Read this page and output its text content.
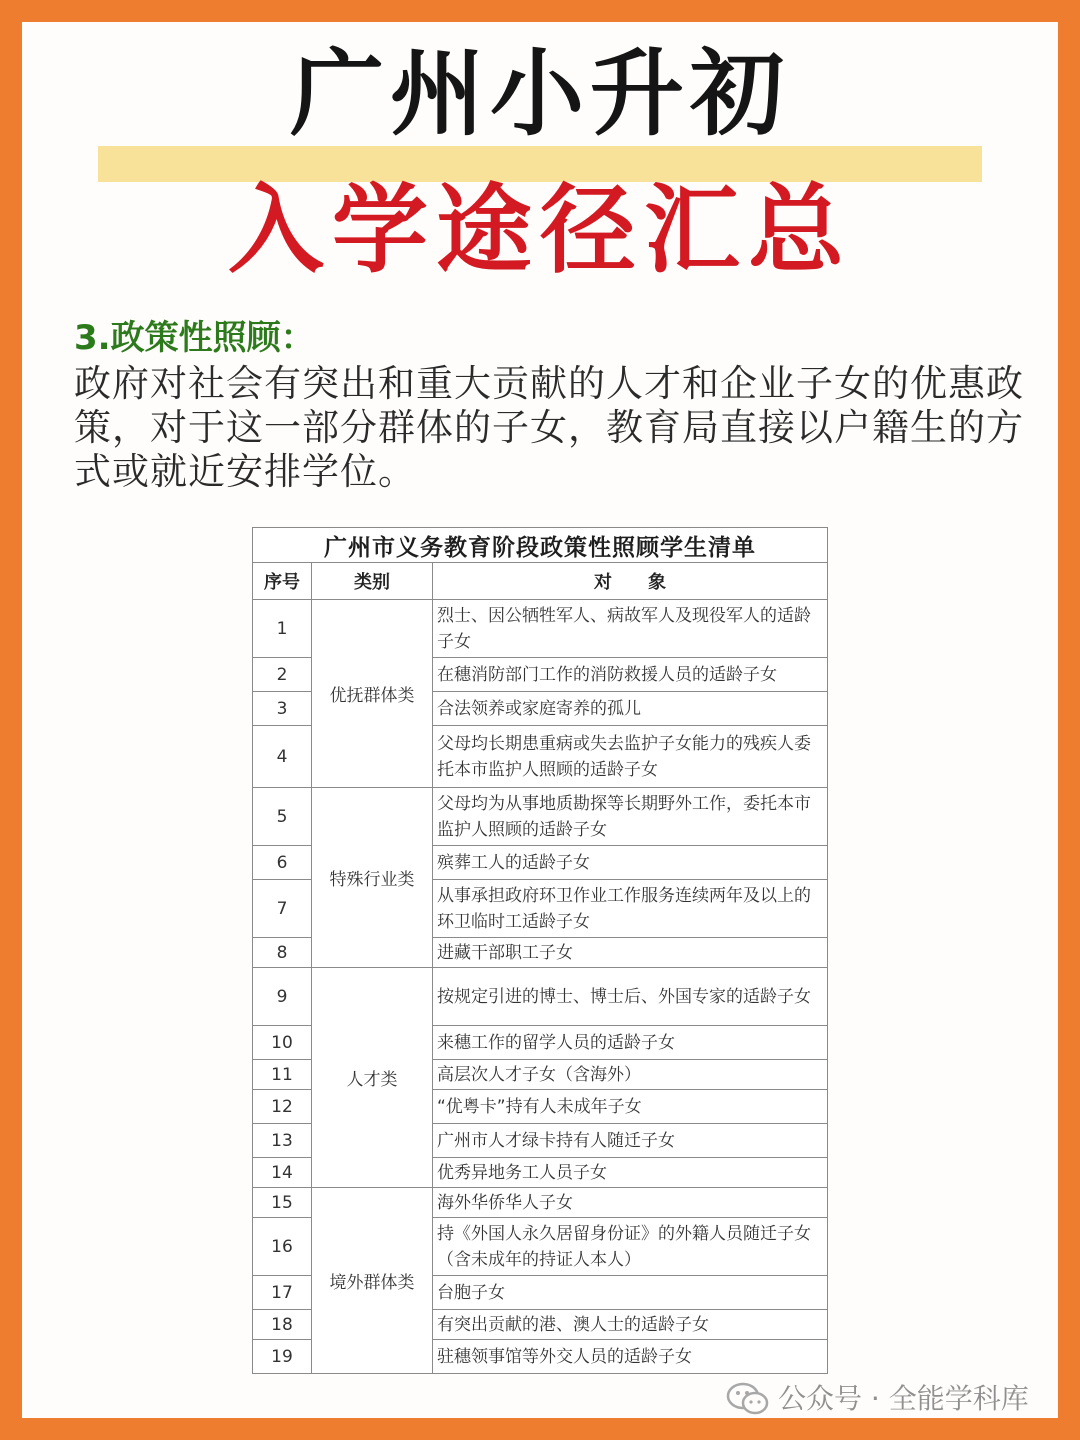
广州小升初
入学途径汇总
3.政策性照顾：
政府对社会有突出和重大贡献的人才和企业子女的优惠政策，对于这一部分群体的子女，教育局直接以户籍生的方式或就近安排学位。
广州市义务教育阶段政策性照顾学生清单		
序号	类别	对　　象
1	优抚群体类	烈士、因公牺牲军人、病故军人及现役军人的适龄子女
2		在穗消防部门工作的消防救援人员的适龄子女
3		合法领养或家庭寄养的孤儿
4		父母均长期患重病或失去监护子女能力的残疾人委托本市监护人照顾的适龄子女
5	特殊行业类	父母均为从事地质勘探等长期野外工作，委托本市监护人照顾的适龄子女
6		殡葬工人的适龄子女
7		从事承担政府环卫作业工作服务连续两年及以上的环卫临时工适龄子女
8		进藏干部职工子女
9	人才类	按规定引进的博士、博士后、外国专家的适龄子女
10		来穗工作的留学人员的适龄子女
11		高层次人才子女（含海外）
12		“优粤卡”持有人未成年子女
13		广州市人才绿卡持有人随迁子女
14		优秀异地务工人员子女
15	境外群体类	海外华侨华人子女
16		持《外国人永久居留身份证》的外籍人员随迁子女（含未成年的持证人本人）
17		台胞子女
18		有突出贡献的港、澳人士的适龄子女
19		驻穗领事馆等外交人员的适龄子女
公众号 · 全能学科库
